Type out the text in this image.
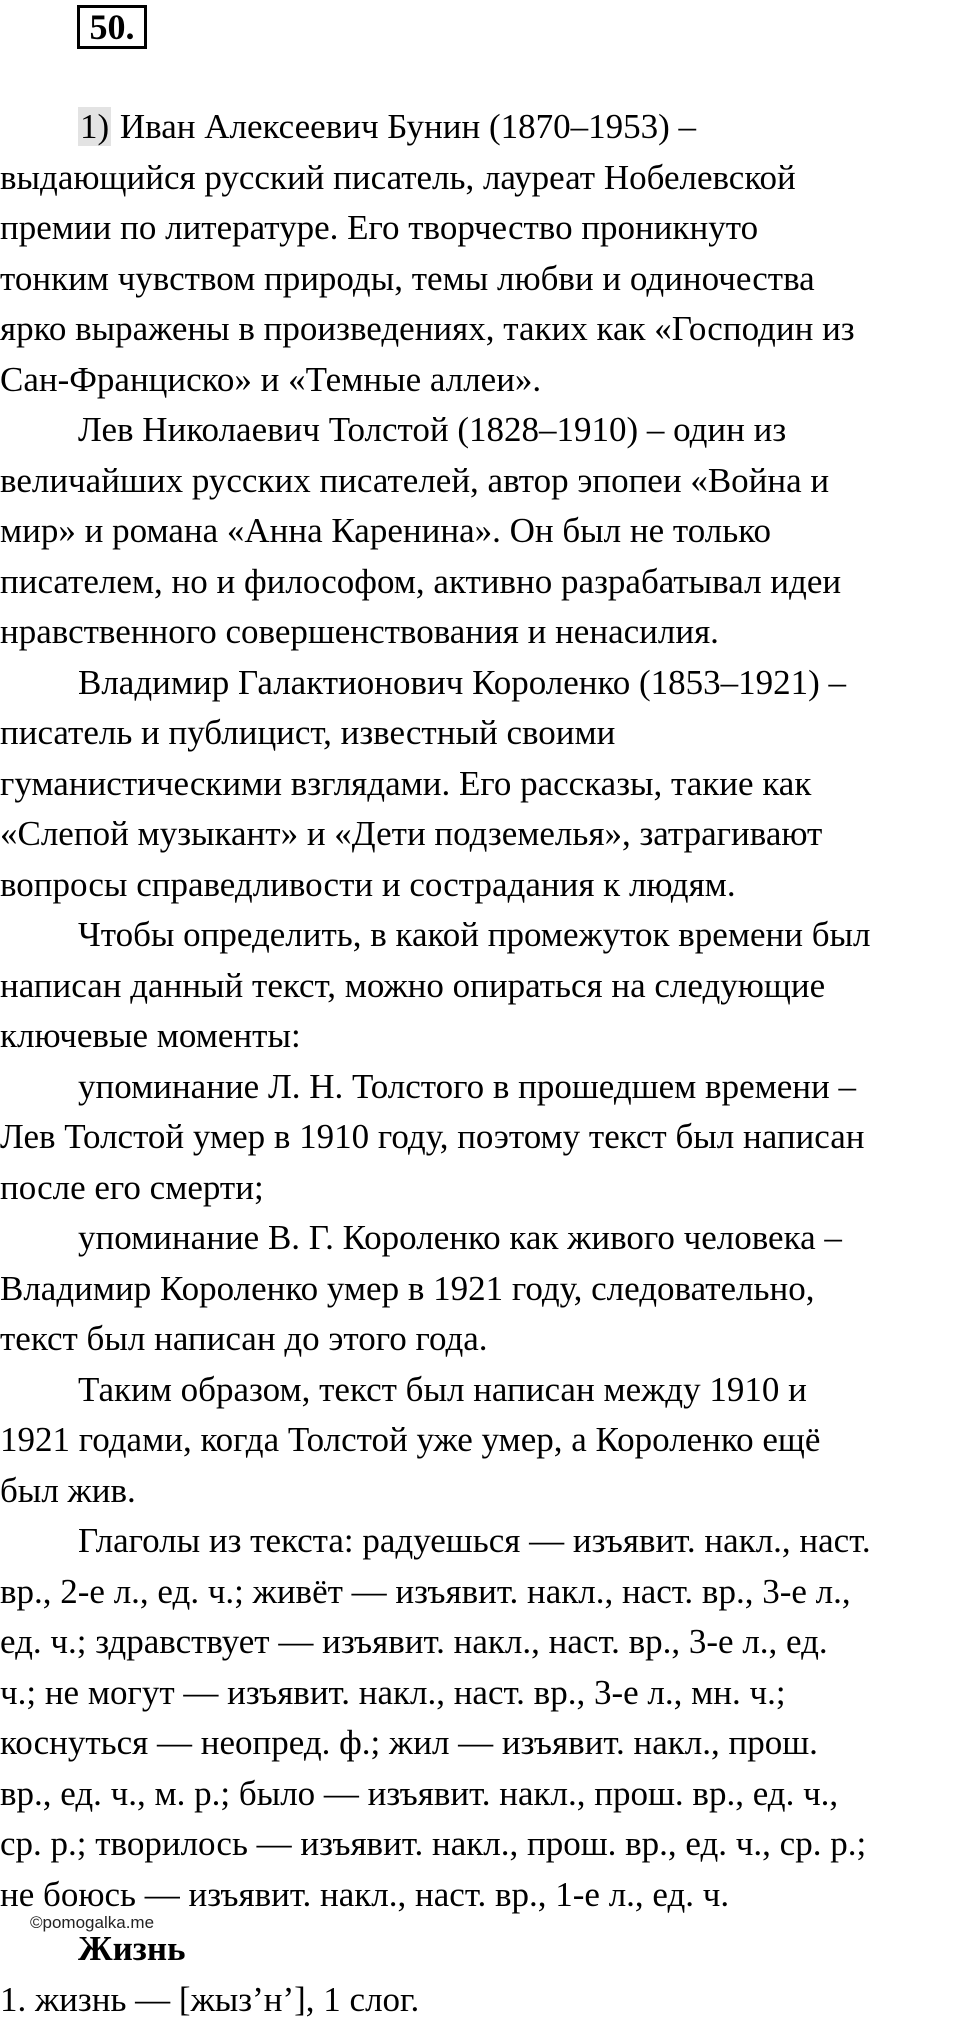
50.

1) Иван Алексеевич Бунин (1870–1953) –
выдающийся русский писатель, лауреат Нобелевской
премии по литературе. Его творчество проникнуто
тонким чувством природы, темы любви и одиночества
ярко выражены в произведениях, таких как «Господин из
Сан-Франциско» и «Темные аллеи».

Лев Николаевич Толстой (1828–1910) – один из
величайших русских писателей, автор эпопеи «Война и
мир» и романа «Анна Каренина». Он был не только
писателем, но и философом, активно разрабатывал идеи
нравственного совершенствования и ненасилия.

Владимир Галактионович Короленко (1853–1921) –
писатель и публицист, известный своими
гуманистическими взглядами. Его рассказы, такие как
«Слепой музыкант» и «Дети подземелья», затрагивают
вопросы справедливости и сострадания к людям.

Чтобы определить, в какой промежуток времени был
написан данный текст, можно опираться на следующие
ключевые моменты:

упоминание Л. Н. Толстого в прошедшем времени –
Лев Толстой умер в 1910 году, поэтому текст был написан
после его смерти;

упоминание В. Г. Короленко как живого человека –
Владимир Короленко умер в 1921 году, следовательно,
текст был написан до этого года.

Таким образом, текст был написан между 1910 и
1921 годами, когда Толстой уже умер, а Короленко ещё
был жив.

Глаголы из текста: радуешься — изъявит. накл., наст.
вр., 2-е л., ед. ч.; живёт — изъявит. накл., наст. вр., 3-е л.,
ед. ч.; здравствует — изъявит. накл., наст. вр., 3-е л., ед.
ч.; не могут — изъявит. накл., наст. вр., 3-е л., мн. ч.;
коснуться — неопред. ф.; жил — изъявит. накл., прош.
вр., ед. ч., м. р.; было — изъявит. накл., прош. вр., ед. ч.,
ср. р.; творилось — изъявит. накл., прош. вр., ед. ч., ср. р.;
не боюсь — изъявит. накл., наст. вр., 1-е л., ед. ч.

©pomogalka.me
Жизнь
1. жизнь — [жыз’н’], 1 слог.
